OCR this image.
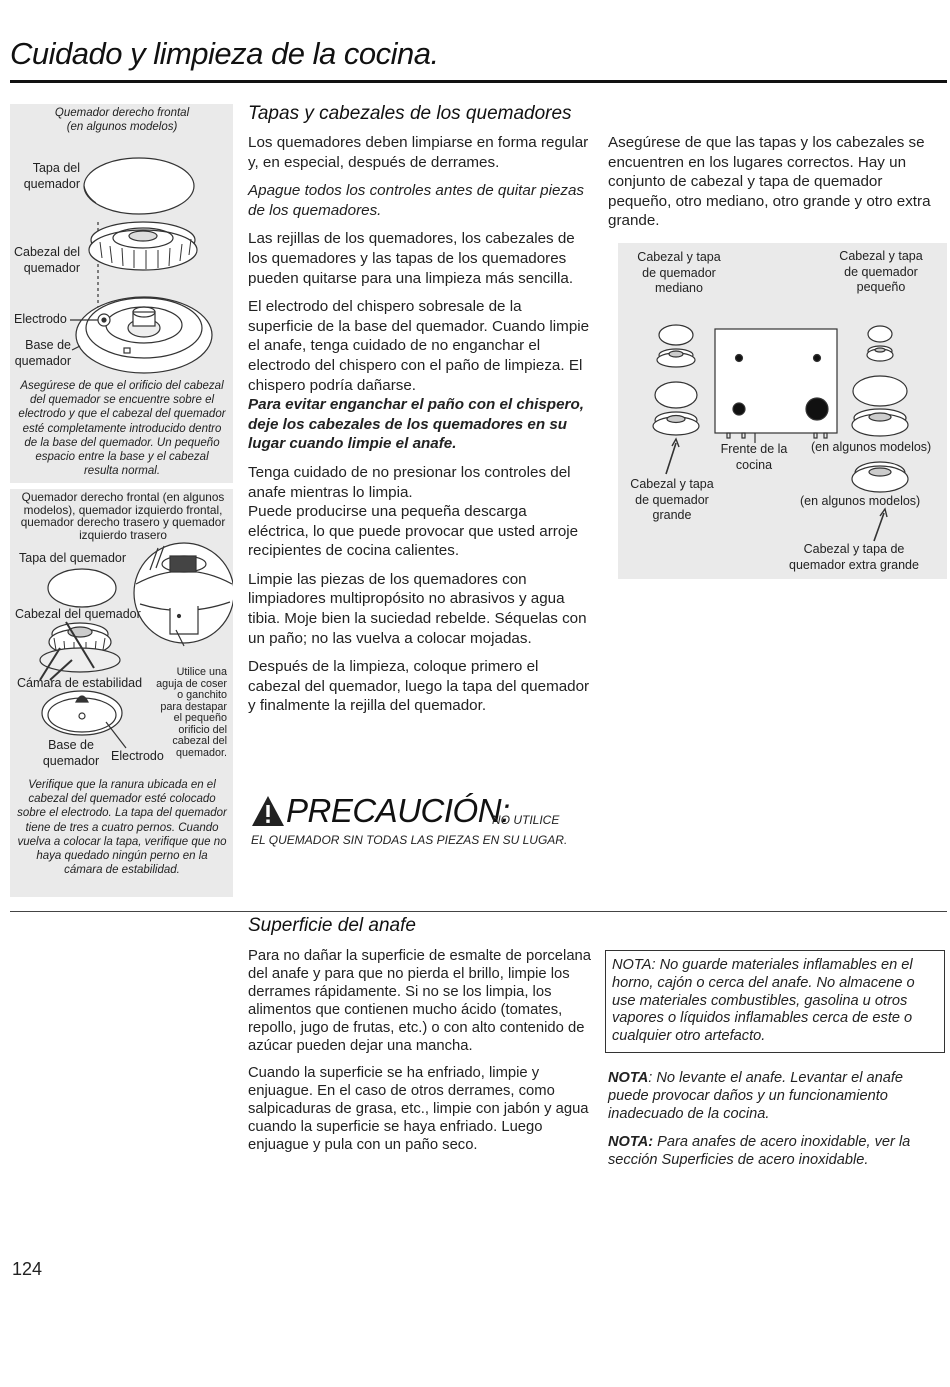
Cuidado y limpieza de la cocina.
Quemador derecho frontal
(en algunos modelos)
Tapa del
quemador
Cabezal del
quemador
Electrodo
Base de
quemador
Asegúrese de que el orificio del cabezal del quemador se encuentre sobre el electrodo y que el cabezal del quemador esté completamente introducido dentro de la base del quemador. Un pequeño espacio entre la base y el cabezal resulta normal.
Quemador derecho frontal (en algunos modelos), quemador izquierdo frontal, quemador derecho trasero y quemador izquierdo trasero
Tapa del quemador
Cabezal del quemador
Cámara de estabilidad
Utilice una
aguja de coser
o ganchito
para destapar
el pequeño
orificio del
cabezal del
quemador.
Base de
quemador Electrodo
Verifique que la ranura ubicada en el cabezal del quemador esté colocado sobre el electrodo. La tapa del quemador tiene de tres a cuatro pernos. Cuando vuelva a colocar la tapa, verifique que no haya quedado ningún perno en la cámara de estabilidad.
Tapas y cabezales de los quemadores

Los quemadores deben limpiarse en forma regular y, en especial, después de derrames.

Apague todos los controles antes de quitar piezas de los quemadores.

Las rejillas de los quemadores, los cabezales de los quemadores y las tapas de los quemadores pueden quitarse para una limpieza más sencilla.

El electrodo del chispero sobresale de la superficie de la base del quemador. Cuando limpie el anafe, tenga cuidado de no enganchar el electrodo del chispero con el paño de limpieza. El chispero podría dañarse.

Para evitar enganchar el paño con el chispero, deje los cabezales de los quemadores en su lugar cuando limpie el anafe.

Tenga cuidado de no presionar los controles del anafe mientras lo limpia.

Puede producirse una pequeña descarga eléctrica, lo que puede provocar que usted arroje recipientes de cocina calientes.

Limpie las piezas de los quemadores con limpiadores multipropósito no abrasivos y agua tibia. Moje bien la suciedad rebelde. Séquelas con un paño; no las vuelva a colocar mojadas.

Después de la limpieza, coloque primero el cabezal del quemador, luego la tapa del quemador y finalmente la rejilla del quemador.

Asegúrese de que las tapas y los cabezales se encuentren en los lugares correctos. Hay un conjunto de cabezal y tapa de quemador pequeño, otro mediano, otro grande y otro extra grande.

PRECAUCIÓN:
NO UTILICE
EL QUEMADOR SIN TODAS LAS PIEZAS EN SU LUGAR.
Cabezal y tapa
de quemador
mediano
Cabezal y tapa
de quemador
pequeño
Frente de la
cocina
(en algunos modelos)
Cabezal y tapa
de quemador
grande
(en algunos modelos)
Cabezal y tapa de
quemador extra grande
Superficie del anafe

Para no dañar la superficie de esmalte de porcelana del anafe y para que no pierda el brillo, limpie los derrames rápidamente. Si no se los limpia, los alimentos que contienen mucho ácido (tomates, repollo, jugo de frutas, etc.) o con alto contenido de azúcar pueden dejar una mancha.

Cuando la superficie se ha enfriado, limpie y enjuague. En el caso de otros derrames, como salpicaduras de grasa, etc., limpie con jabón y agua cuando la superficie se haya enfriado. Luego enjuague y pula con un paño seco.

NOTA: No guarde materiales inflamables en el horno, cajón o cerca del anafe. No almacene o use materiales combustibles, gasolina u otros vapores o líquidos inflamables cerca de este o cualquier otro artefacto.
NOTA: No levante el anafe. Levantar el anafe puede provocar daños y un funcionamiento inadecuado de la cocina.
NOTA: Para anafes de acero inoxidable, ver la sección Superficies de acero inoxidable.
124
